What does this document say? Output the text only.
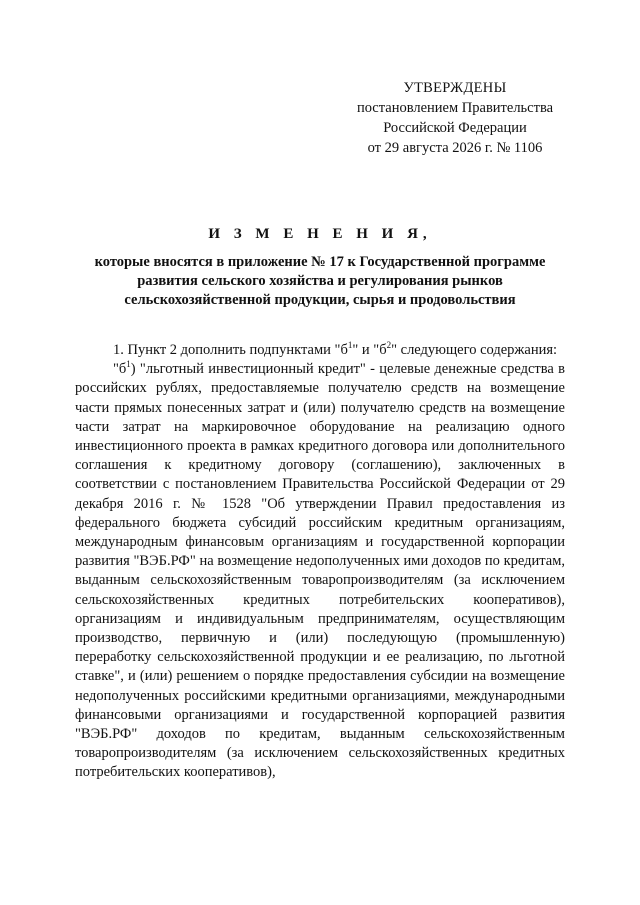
УТВЕРЖДЕНЫ
постановлением Правительства
Российской Федерации
от 29 августа 2026 г. № 1106
И З М Е Н Е Н И Я,
которые вносятся в приложение № 17 к Государственной программе развития сельского хозяйства и регулирования рынков сельскохозяйственной продукции, сырья и продовольствия

1. Пункт 2 дополнить подпунктами "$б^1$" и "$б^2$" следующего содержания:

"$б^1$) "льготный инвестиционный кредит" - целевые денежные средства в российских рублях, предоставляемые получателю средств на возмещение части прямых понесенных затрат и (или) получателю средств на возмещение части затрат на маркировочное оборудование на реализацию одного инвестиционного проекта в рамках кредитного договора или дополнительного соглашения к кредитному договору (соглашению), заключенных в соответствии с постановлением Правительства Российской Федерации от 29 декабря 2016 г. № 1528 "Об утверждении Правил предоставления из федерального бюджета субсидий российским кредитным организациям, международным финансовым организациям и государственной корпорации развития "ВЭБ.РФ" на возмещение недополученных ими доходов по кредитам, выданным сельскохозяйственным товаропроизводителям (за исключением сельскохозяйственных кредитных потребительских кооперативов), организациям и индивидуальным предпринимателям, осуществляющим производство, первичную и (или) последующую (промышленную) переработку сельскохозяйственной продукции и ее реализацию, по льготной ставке", и (или) решением о порядке предоставления субсидии на возмещение недополученных российскими кредитными организациями, международными финансовыми организациями и государственной корпорацией развития "ВЭБ.РФ" доходов по кредитам, выданным сельскохозяйственным товаропроизводителям (за исключением сельскохозяйственных кредитных потребительских кооперативов),
